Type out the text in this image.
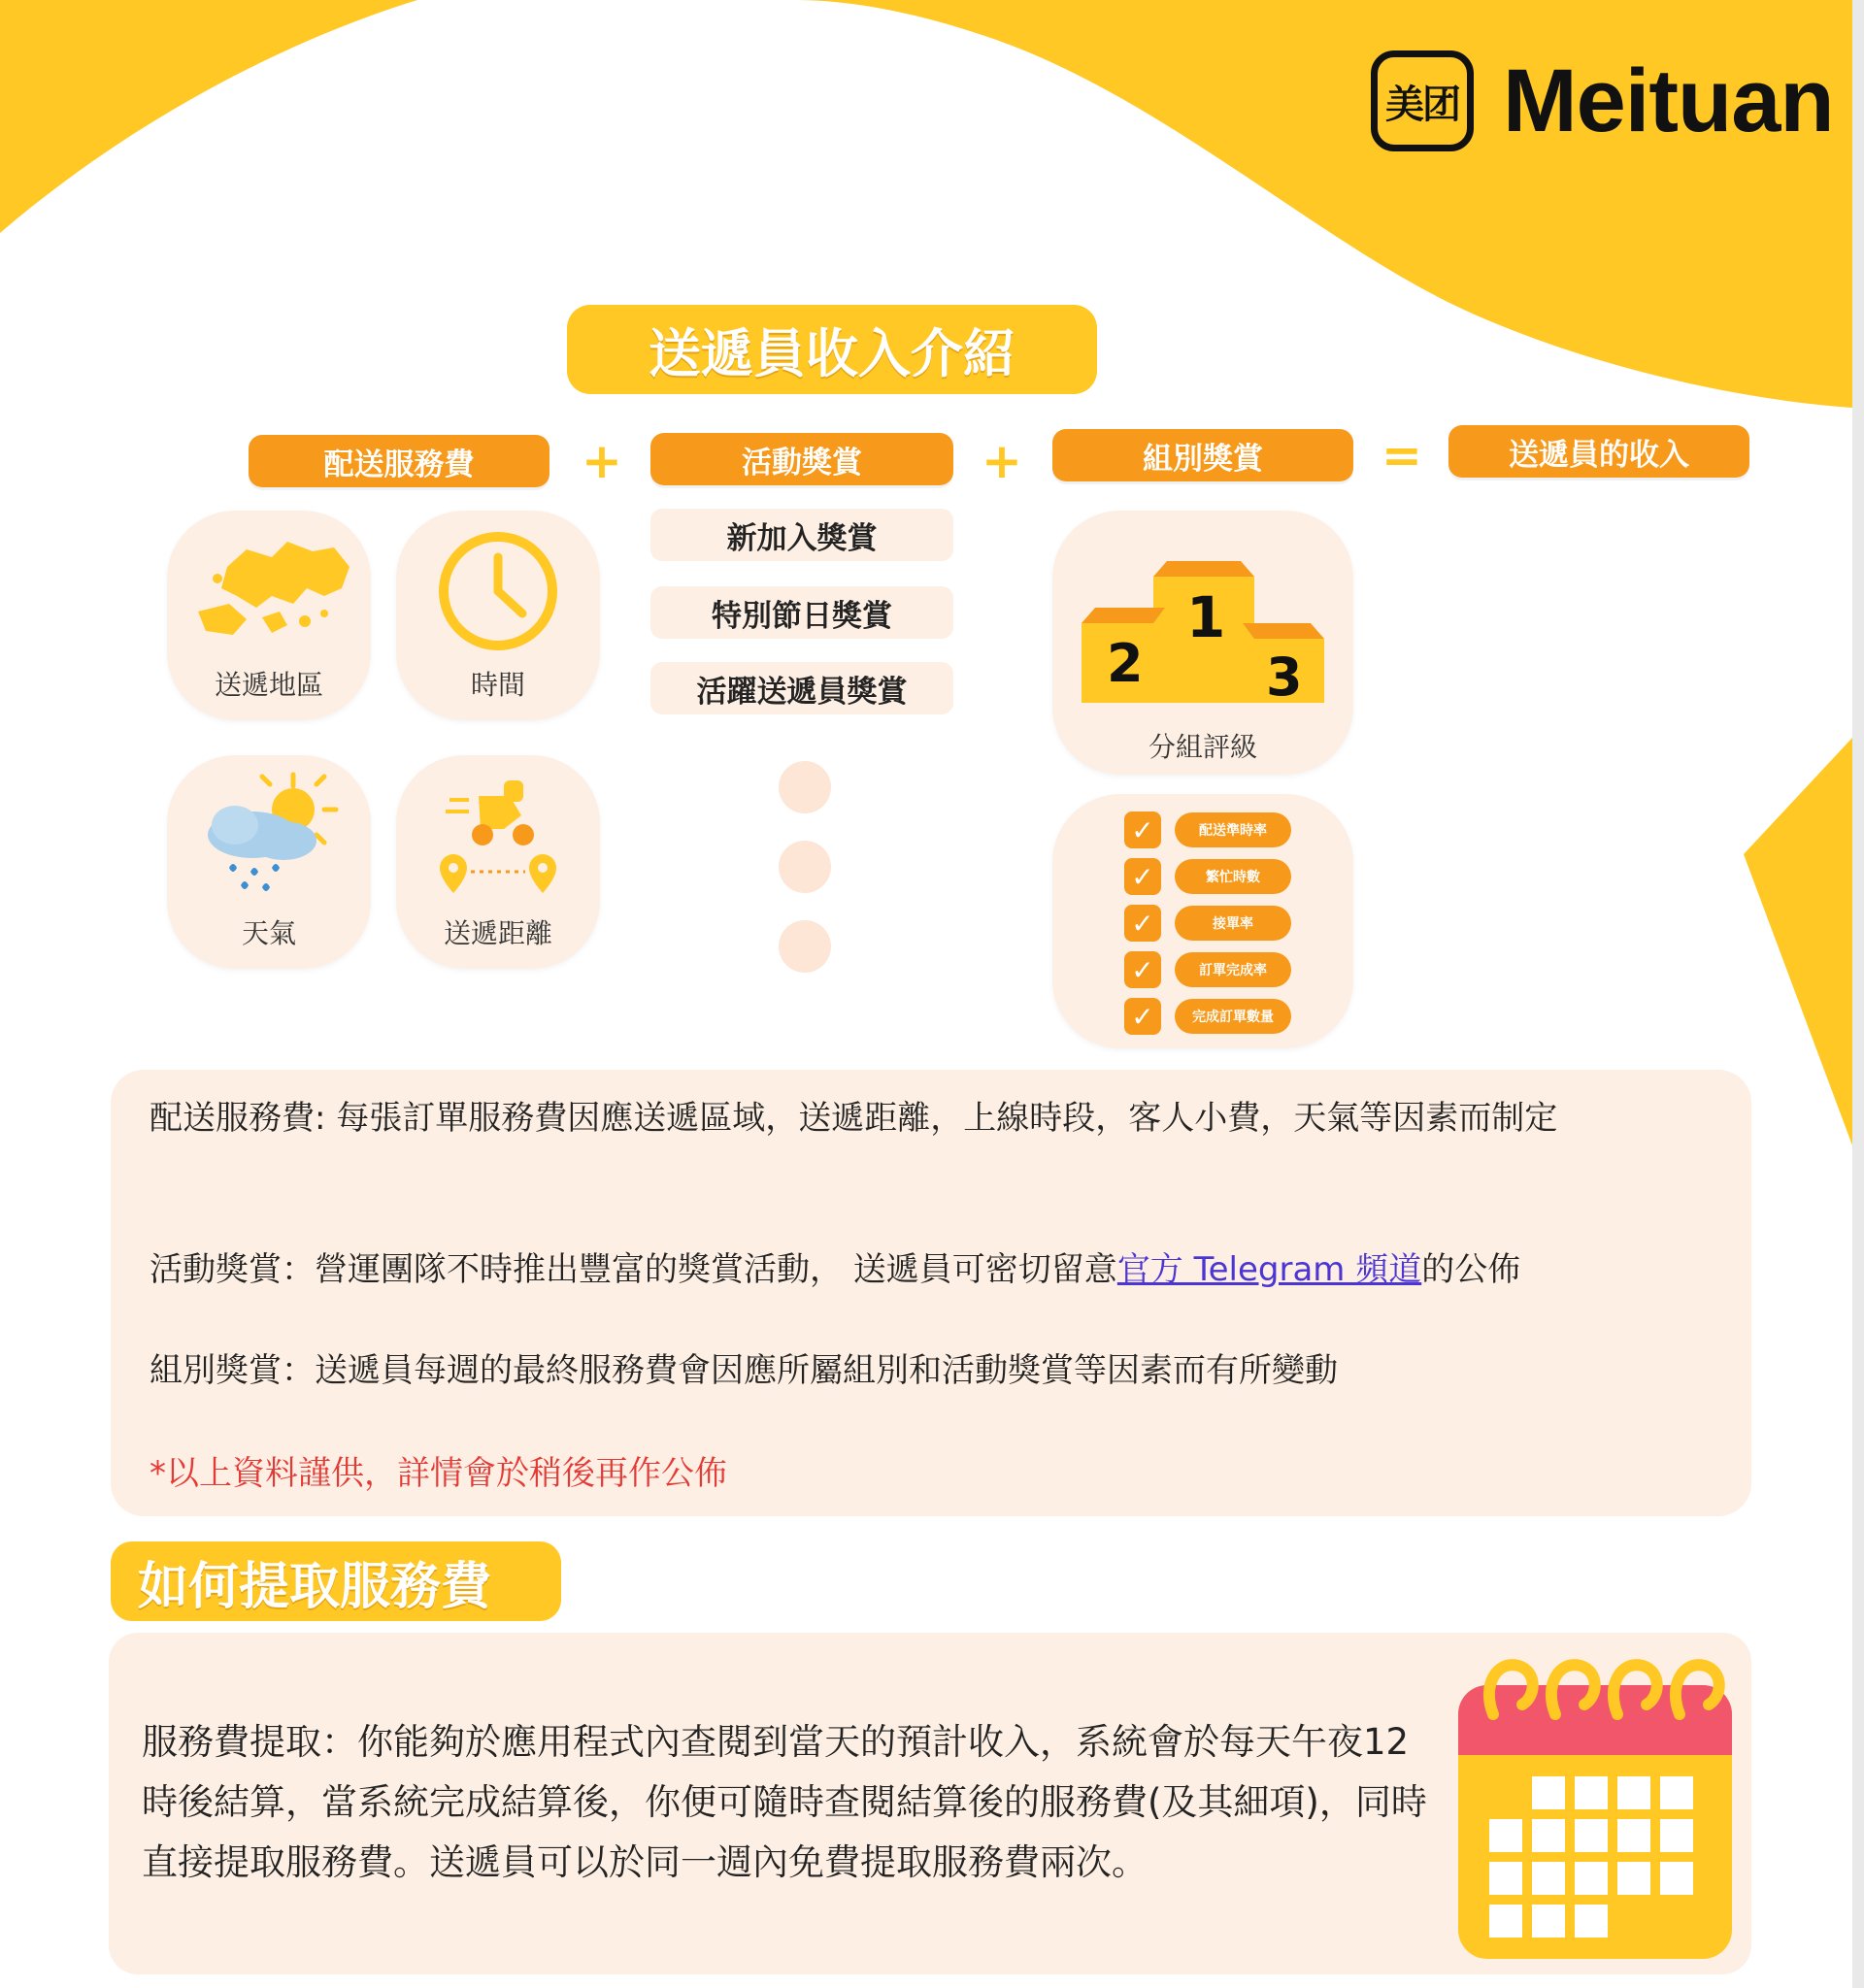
美团 Meituan
送遞員收入介紹
配送服務費	+	活動獎賞	+	組別獎賞	=	送遞員的收入
送遞地區	時間
天氣	送遞距離
新加入獎賞
特別節日獎賞
活躍送遞員獎賞
1
2 3
分組評級
✓	配送準時率
✓	繁忙時數
✓	接單率
✓	訂單完成率
✓	完成訂單數量
配送服務費: 每張訂單服務費因應送遞區域，送遞距離，上線時段，客人小費，天氣等因素而制定
活動獎賞：營運團隊不時推出豐富的獎賞活動， 送遞員可密切留意官方 Telegram 頻道的公佈
組別獎賞：送遞員每週的最終服務費會因應所屬組別和活動獎賞等因素而有所變動
*以上資料謹供，詳情會於稍後再作公佈
如何提取服務費
服務費提取：你能夠於應用程式內查閱到當天的預計收入，系統會於每天午夜12時後結算，當系統完成結算後，你便可隨時查閱結算後的服務費(及其細項)，同時直接提取服務費。送遞員可以於同一週內免費提取服務費兩次。
